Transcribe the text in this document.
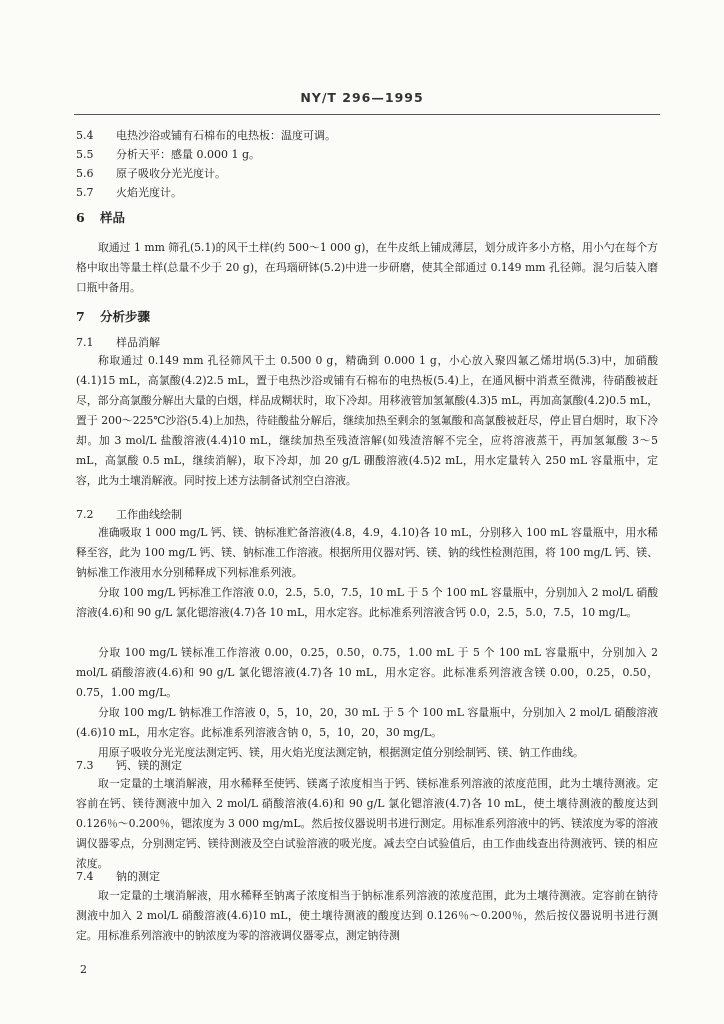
NY/T 296—1995
5.4 电热沙浴或铺有石棉布的电热板：温度可调。
5.5 分析天平：感量 0.000 1 g。
5.6 原子吸收分光光度计。
5.7 火焰光度计。
6 样品
取通过 1 mm 筛孔(5.1)的风干土样(约 500～1 000 g)，在牛皮纸上铺成薄层，划分成许多小方格，用小勺在每个方格中取出等量土样(总量不少于 20 g)，在玛瑙研钵(5.2)中进一步研磨，使其全部通过 0.149 mm 孔径筛。混匀后装入磨口瓶中备用。
7 分析步骤
7.1 样品消解
称取通过 0.149 mm 孔径筛风干土 0.500 0 g，精确到 0.000 1 g，小心放入聚四氟乙烯坩埚(5.3)中，加硝酸(4.1)15 mL，高氯酸(4.2)2.5 mL，置于电热沙浴或铺有石棉布的电热板(5.4)上，在通风橱中消煮至微沸，待硝酸被赶尽，部分高氯酸分解出大量的白烟，样品成糊状时，取下冷却。用移液管加氢氟酸(4.3)5 mL，再加高氯酸(4.2)0.5 mL，置于 200～225℃沙浴(5.4)上加热，待硅酸盐分解后，继续加热至剩余的氢氟酸和高氯酸被赶尽，停止冒白烟时，取下冷却。加 3 mol/L 盐酸溶液(4.4)10 mL，继续加热至残渣溶解(如残渣溶解不完全，应将溶液蒸干，再加氢氟酸 3～5 mL，高氯酸 0.5 mL，继续消解)，取下冷却，加 20 g/L 硼酸溶液(4.5)2 mL，用水定量转入 250 mL 容量瓶中，定容，此为土壤消解液。同时按上述方法制备试剂空白溶液。
7.2 工作曲线绘制
准确吸取 1 000 mg/L 钙、镁、钠标准贮备溶液(4.8，4.9，4.10)各 10 mL，分别移入 100 mL 容量瓶中，用水稀释至容，此为 100 mg/L 钙、镁、钠标准工作溶液。根据所用仪器对钙、镁、钠的线性检测范围，将 100 mg/L 钙、镁、钠标准工作液用水分别稀释成下列标准系列液。
分取 100 mg/L 钙标准工作溶液 0.0，2.5，5.0，7.5，10 mL 于 5 个 100 mL 容量瓶中，分别加入 2 mol/L 硝酸溶液(4.6)和 90 g/L 氯化锶溶液(4.7)各 10 mL，用水定容。此标准系列溶液含钙 0.0，2.5，5.0，7.5，10 mg/L。
分取 100 mg/L 镁标准工作溶液 0.00，0.25，0.50，0.75，1.00 mL 于 5 个 100 mL 容量瓶中，分别加入 2 mol/L 硝酸溶液(4.6)和 90 g/L 氯化锶溶液(4.7)各 10 mL，用水定容。此标准系列溶液含镁 0.00，0.25，0.50，0.75，1.00 mg/L。
分取 100 mg/L 钠标准工作溶液 0，5，10，20，30 mL 于 5 个 100 mL 容量瓶中，分别加入 2 mol/L 硝酸溶液(4.6)10 mL，用水定容。此标准系列溶液含钠 0，5，10，20，30 mg/L。
用原子吸收分光光度法测定钙、镁，用火焰光度法测定钠，根据测定值分别绘制钙、镁、钠工作曲线。
7.3 钙、镁的测定
取一定量的土壤消解液，用水稀释至使钙、镁离子浓度相当于钙、镁标准系列溶液的浓度范围，此为土壤待测液。定容前在钙、镁待测液中加入 2 mol/L 硝酸溶液(4.6)和 90 g/L 氯化锶溶液(4.7)各 10 mL，使土壤待测液的酸度达到 0.126％～0.200％，锶浓度为 3 000 mg/mL。然后按仪器说明书进行测定。用标准系列溶液中的钙、镁浓度为零的溶液调仪器零点，分别测定钙、镁待测液及空白试验溶液的吸光度。减去空白试验值后，由工作曲线查出待测液钙、镁的相应浓度。
7.4 钠的测定
取一定量的土壤消解液，用水稀释至钠离子浓度相当于钠标准系列溶液的浓度范围，此为土壤待测液。定容前在钠待测液中加入 2 mol/L 硝酸溶液(4.6)10 mL，使土壤待测液的酸度达到 0.126％～0.200％，然后按仪器说明书进行测定。用标准系列溶液中的钠浓度为零的溶液调仪器零点，测定钠待测
2
